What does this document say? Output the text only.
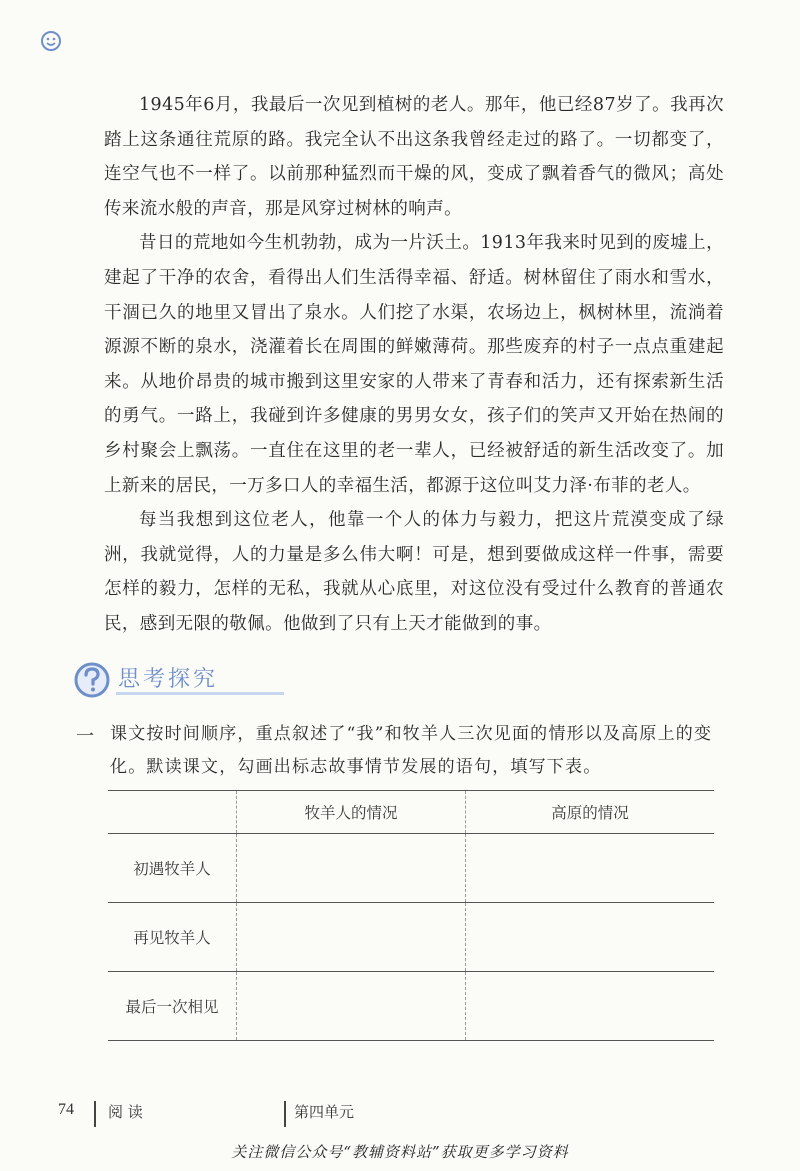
1945年6月，我最后一次见到植树的老人。那年，他已经87岁了。我再次踏上这条通往荒原的路。我完全认不出这条我曾经走过的路了。一切都变了，连空气也不一样了。以前那种猛烈而干燥的风，变成了飘着香气的微风；高处传来流水般的声音，那是风穿过树林的响声。

昔日的荒地如今生机勃勃，成为一片沃土。1913年我来时见到的废墟上，建起了干净的农舍，看得出人们生活得幸福、舒适。树林留住了雨水和雪水，干涸已久的地里又冒出了泉水。人们挖了水渠，农场边上，枫树林里，流淌着源源不断的泉水，浇灌着长在周围的鲜嫩薄荷。那些废弃的村子一点点重建起来。从地价昂贵的城市搬到这里安家的人带来了青春和活力，还有探索新生活的勇气。一路上，我碰到许多健康的男男女女，孩子们的笑声又开始在热闹的乡村聚会上飘荡。一直住在这里的老一辈人，已经被舒适的新生活改变了。加上新来的居民，一万多口人的幸福生活，都源于这位叫艾力泽·布菲的老人。

每当我想到这位老人，他靠一个人的体力与毅力，把这片荒漠变成了绿洲，我就觉得，人的力量是多么伟大啊！可是，想到要做成这样一件事，需要怎样的毅力，怎样的无私，我就从心底里，对这位没有受过什么教育的普通农民，感到无限的敬佩。他做到了只有上天才能做到的事。

思考探究
一 课文按时间顺序，重点叙述了“我”和牧羊人三次见面的情形以及高原上的变化。默读课文，勾画出标志故事情节发展的语句，填写下表。
	牧羊人的情况	高原的情况
初遇牧羊人		
再见牧羊人		
最后一次相见		
74 阅 读	第四单元
关注微信公众号“教辅资料站”获取更多学习资料
